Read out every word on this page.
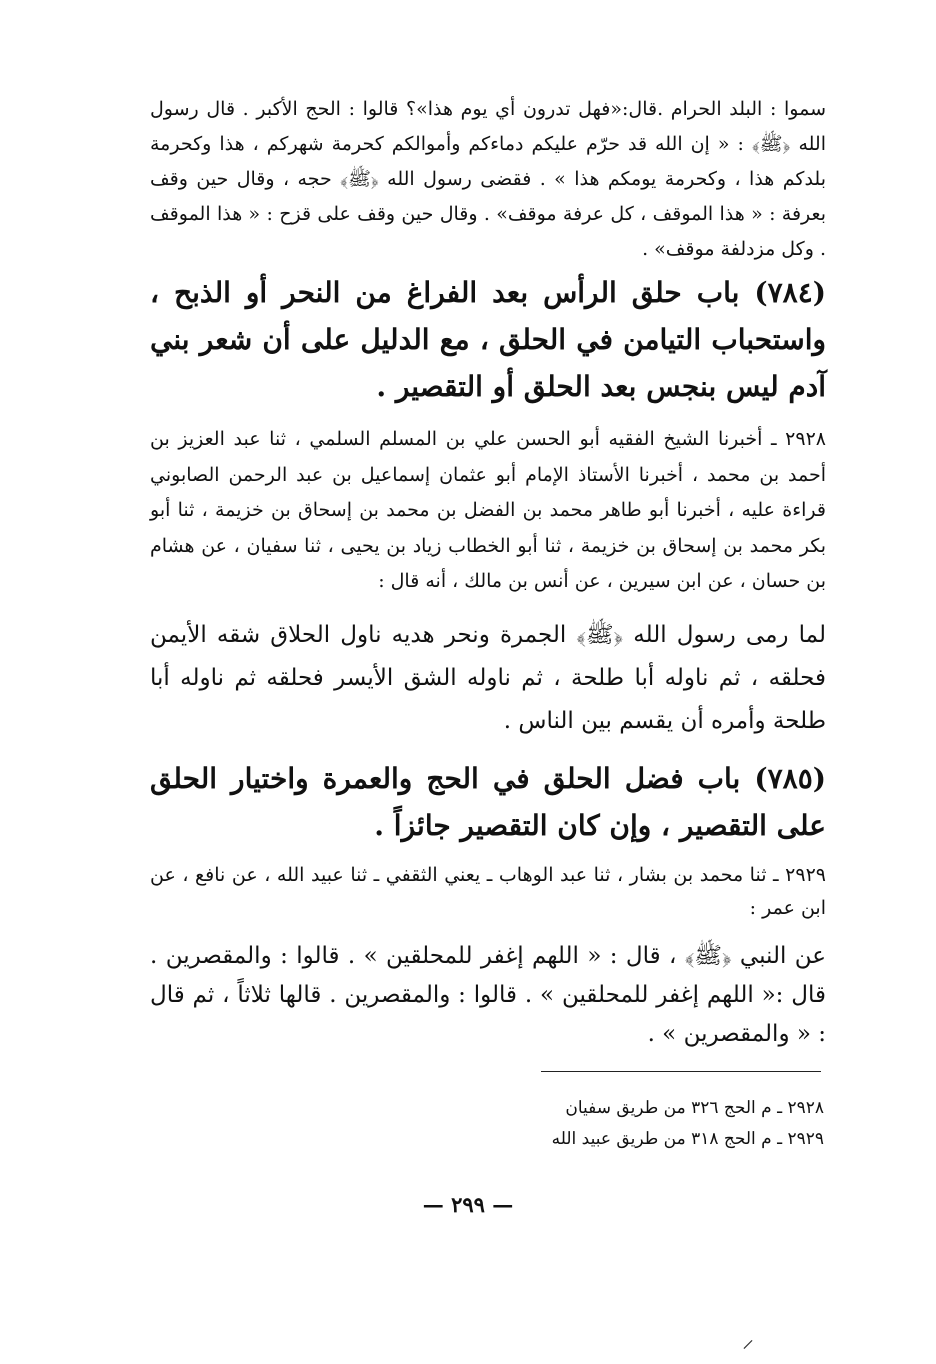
سموا : البلد الحرام .قال:«فهل تدرون أي يوم هذا»؟ قالوا : الحج الأكبر . قال رسول الله ﴿ﷺ﴾ : « إن الله قد حرّم عليكم دماءكم وأموالكم كحرمة شهركم ، هذا وكحرمة بلدكم هذا ، وكحرمة يومكم هذا » . فقضى رسول الله ﴿ﷺ﴾ حجه ، وقال حين وقف بعرفة : « هذا الموقف ، كل عرفة موقف» . وقال حين وقف على قزح : « هذا الموقف . وكل مزدلفة موقف» .

(٧٨٤) باب حلق الرأس بعد الفراغ من النحر أو الذبح ، واستحباب التيامن في الحلق ، مع الدليل على أن شعر بني آدم ليس بنجس بعد الحلق أو التقصير .

٢٩٢٨ ـ أخبرنا الشيخ الفقيه أبو الحسن علي بن المسلم السلمي ، ثنا عبد العزيز بن أحمد بن محمد ، أخبرنا الأستاذ الإمام أبو عثمان إسماعيل بن عبد الرحمن الصابوني قراءة عليه ، أخبرنا أبو طاهر محمد بن الفضل بن محمد بن إسحاق بن خزيمة ، ثنا أبو بكر محمد بن إسحاق بن خزيمة ، ثنا أبو الخطاب زياد بن يحيى ، ثنا سفيان ، عن هشام بن حسان ، عن ابن سيرين ، عن أنس بن مالك ، أنه قال :

لما رمى رسول الله ﴿ﷺ﴾ الجمرة ونحر هديه ناول الحلاق شقه الأيمن فحلقه ، ثم ناوله أبا طلحة ، ثم ناوله الشق الأيسر فحلقه ثم ناوله أبا طلحة وأمره أن يقسم بين الناس .

(٧٨٥) باب فضل الحلق في الحج والعمرة واختيار الحلق على التقصير ، وإن كان التقصير جائزاً .

٢٩٢٩ ـ ثنا محمد بن بشار ، ثنا عبد الوهاب ـ يعني الثقفي ـ ثنا عبيد الله ، عن نافع ، عن ابن عمر :

عن النبي ﴿ﷺ﴾ ، قال : « اللهم إغفر للمحلقين » . قالوا : والمقصرين . قال :« اللهم إغفر للمحلقين » . قالوا : والمقصرين . قالها ثلاثاً ، ثم قال : « والمقصرين » .

٢٩٢٨ ـ م الحج ٣٢٦ من طريق سفيان
٢٩٢٩ ـ م الحج ٣١٨ من طريق عبيد الله
— ٢٩٩ —
⸝
